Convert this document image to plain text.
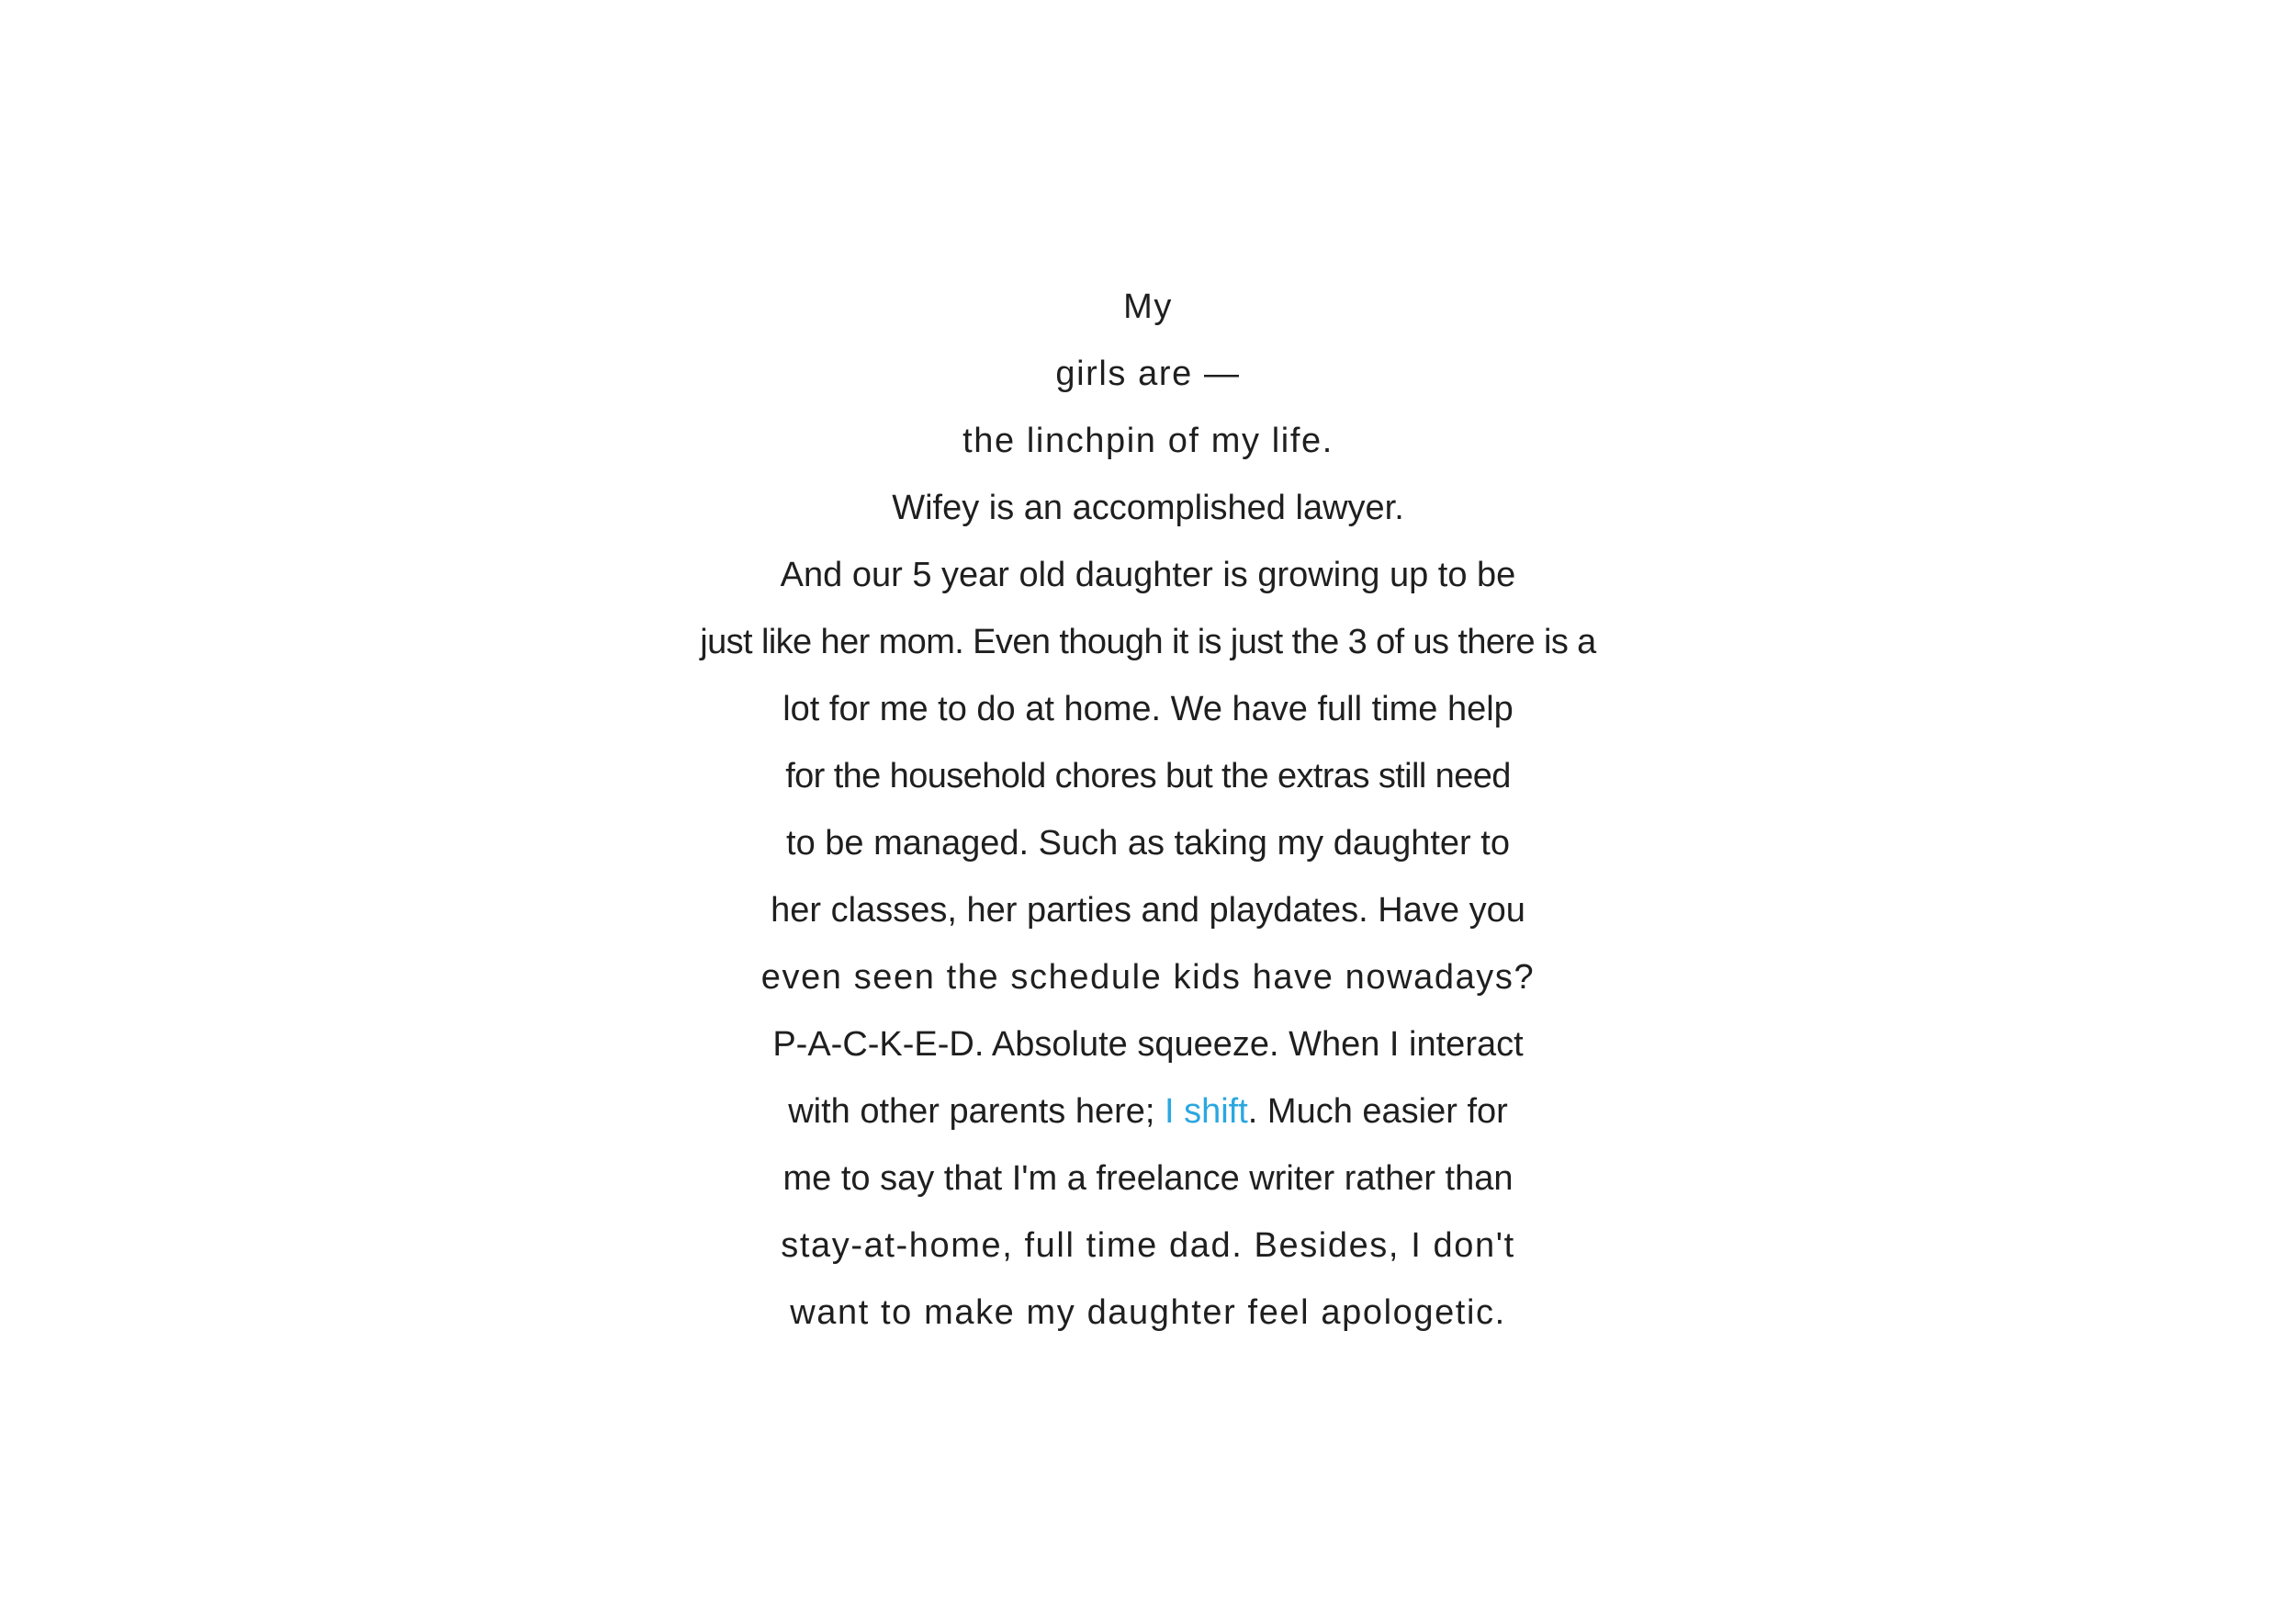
My
girls are —
the linchpin of my life.
Wifey is an accomplished lawyer.
And our 5 year old daughter is growing up to be
just like her mom. Even though it is just the 3 of us there is a
lot for me to do at home. We have full time help
for the household chores but the extras still need
to be managed. Such as taking my daughter to
her classes, her parties and playdates. Have you
even seen the schedule kids have nowadays?
P-A-C-K-E-D. Absolute squeeze. When I interact
with other parents here; I shift. Much easier for
me to say that I'm a freelance writer rather than
stay-at-home, full time dad. Besides, I don't
want to make my daughter feel apologetic.
